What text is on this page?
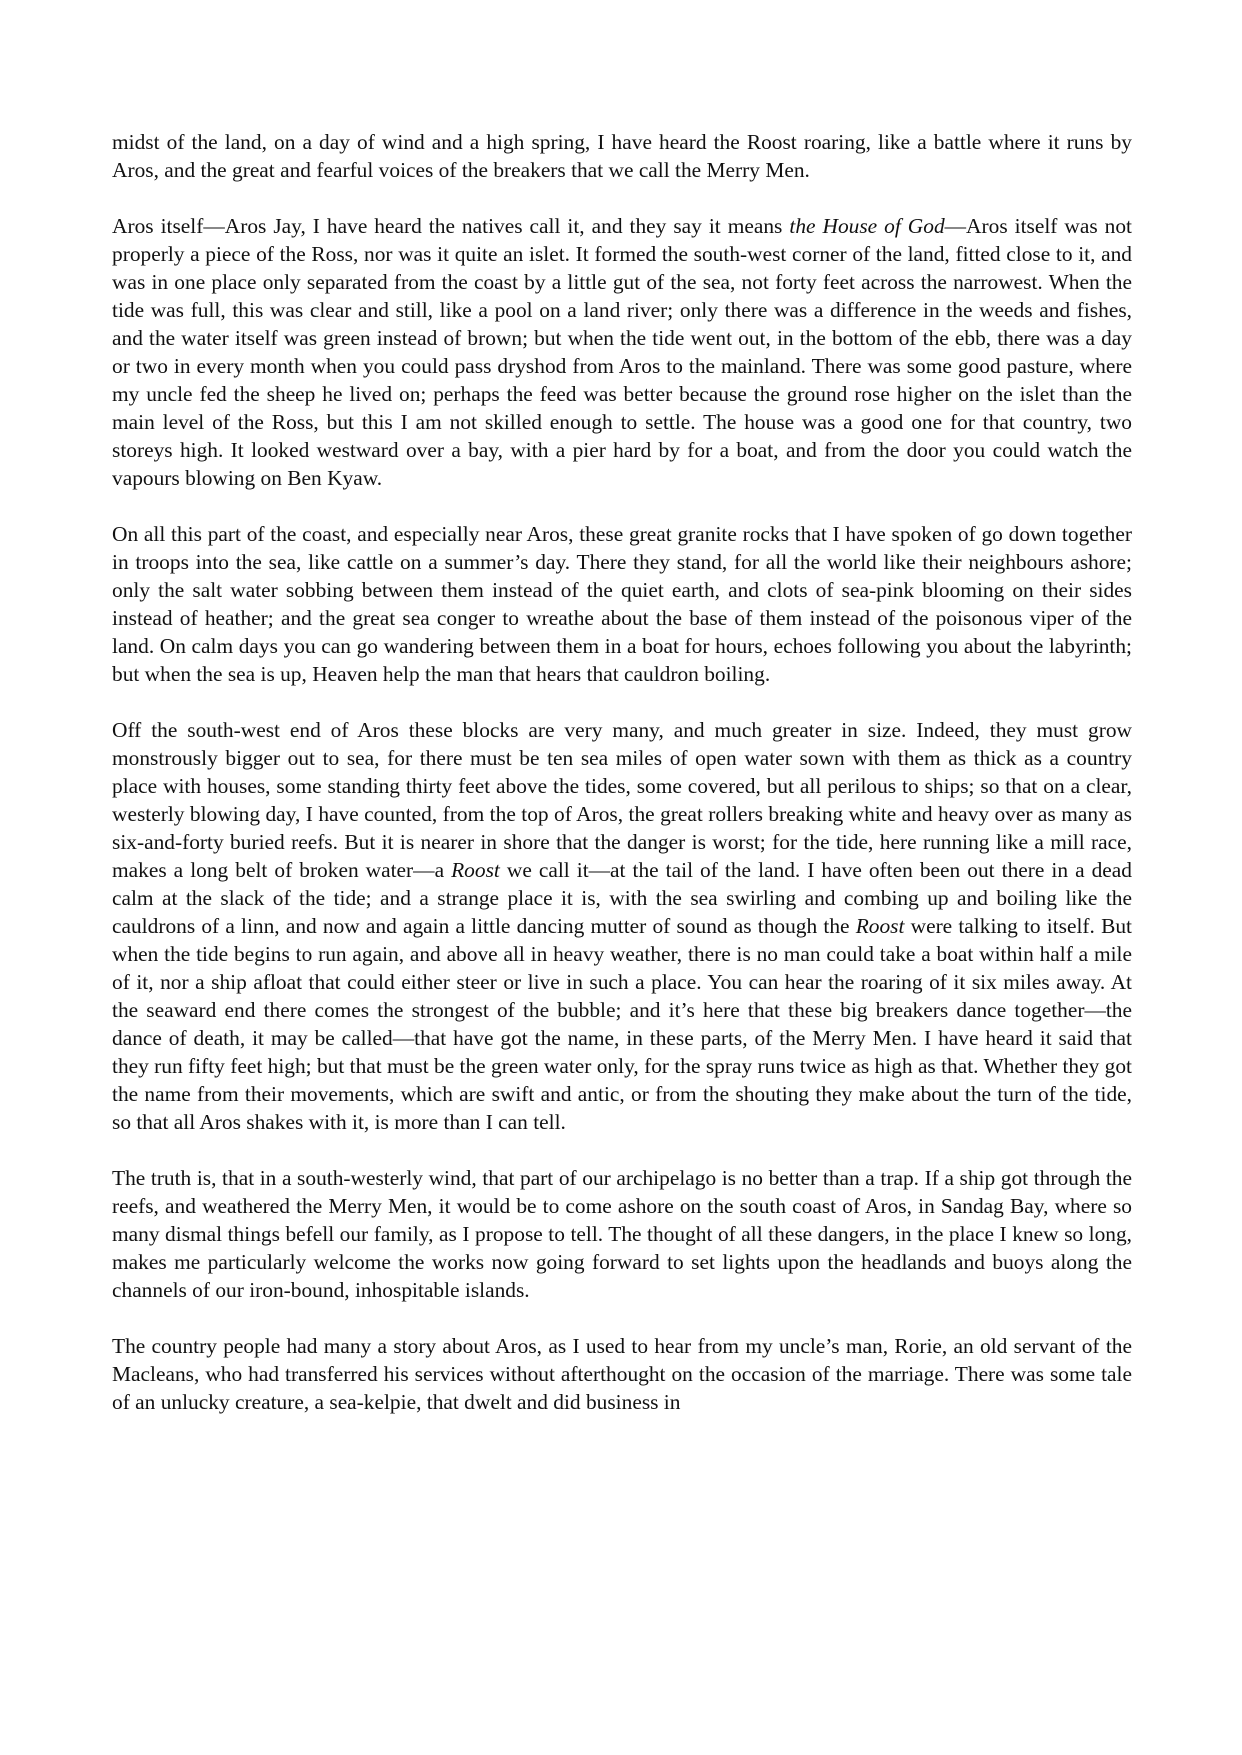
midst of the land, on a day of wind and a high spring, I have heard the Roost roaring, like a battle where it runs by Aros, and the great and fearful voices of the breakers that we call the Merry Men.

Aros itself—Aros Jay, I have heard the natives call it, and they say it means the House of God—Aros itself was not properly a piece of the Ross, nor was it quite an islet. It formed the south-west corner of the land, fitted close to it, and was in one place only separated from the coast by a little gut of the sea, not forty feet across the narrowest. When the tide was full, this was clear and still, like a pool on a land river; only there was a difference in the weeds and fishes, and the water itself was green instead of brown; but when the tide went out, in the bottom of the ebb, there was a day or two in every month when you could pass dryshod from Aros to the mainland. There was some good pasture, where my uncle fed the sheep he lived on; perhaps the feed was better because the ground rose higher on the islet than the main level of the Ross, but this I am not skilled enough to settle. The house was a good one for that country, two storeys high. It looked westward over a bay, with a pier hard by for a boat, and from the door you could watch the vapours blowing on Ben Kyaw.

On all this part of the coast, and especially near Aros, these great granite rocks that I have spoken of go down together in troops into the sea, like cattle on a summer’s day. There they stand, for all the world like their neighbours ashore; only the salt water sobbing between them instead of the quiet earth, and clots of sea-pink blooming on their sides instead of heather; and the great sea conger to wreathe about the base of them instead of the poisonous viper of the land. On calm days you can go wandering between them in a boat for hours, echoes following you about the labyrinth; but when the sea is up, Heaven help the man that hears that cauldron boiling.

Off the south-west end of Aros these blocks are very many, and much greater in size. Indeed, they must grow monstrously bigger out to sea, for there must be ten sea miles of open water sown with them as thick as a country place with houses, some standing thirty feet above the tides, some covered, but all perilous to ships; so that on a clear, westerly blowing day, I have counted, from the top of Aros, the great rollers breaking white and heavy over as many as six-and-forty buried reefs. But it is nearer in shore that the danger is worst; for the tide, here running like a mill race, makes a long belt of broken water—a Roost we call it—at the tail of the land. I have often been out there in a dead calm at the slack of the tide; and a strange place it is, with the sea swirling and combing up and boiling like the cauldrons of a linn, and now and again a little dancing mutter of sound as though the Roost were talking to itself. But when the tide begins to run again, and above all in heavy weather, there is no man could take a boat within half a mile of it, nor a ship afloat that could either steer or live in such a place. You can hear the roaring of it six miles away. At the seaward end there comes the strongest of the bubble; and it’s here that these big breakers dance together—the dance of death, it may be called—that have got the name, in these parts, of the Merry Men. I have heard it said that they run fifty feet high; but that must be the green water only, for the spray runs twice as high as that. Whether they got the name from their movements, which are swift and antic, or from the shouting they make about the turn of the tide, so that all Aros shakes with it, is more than I can tell.

The truth is, that in a south-westerly wind, that part of our archipelago is no better than a trap. If a ship got through the reefs, and weathered the Merry Men, it would be to come ashore on the south coast of Aros, in Sandag Bay, where so many dismal things befell our family, as I propose to tell. The thought of all these dangers, in the place I knew so long, makes me particularly welcome the works now going forward to set lights upon the headlands and buoys along the channels of our iron-bound, inhospitable islands.

The country people had many a story about Aros, as I used to hear from my uncle’s man, Rorie, an old servant of the Macleans, who had transferred his services without afterthought on the occasion of the marriage. There was some tale of an unlucky creature, a sea-kelpie, that dwelt and did business in
